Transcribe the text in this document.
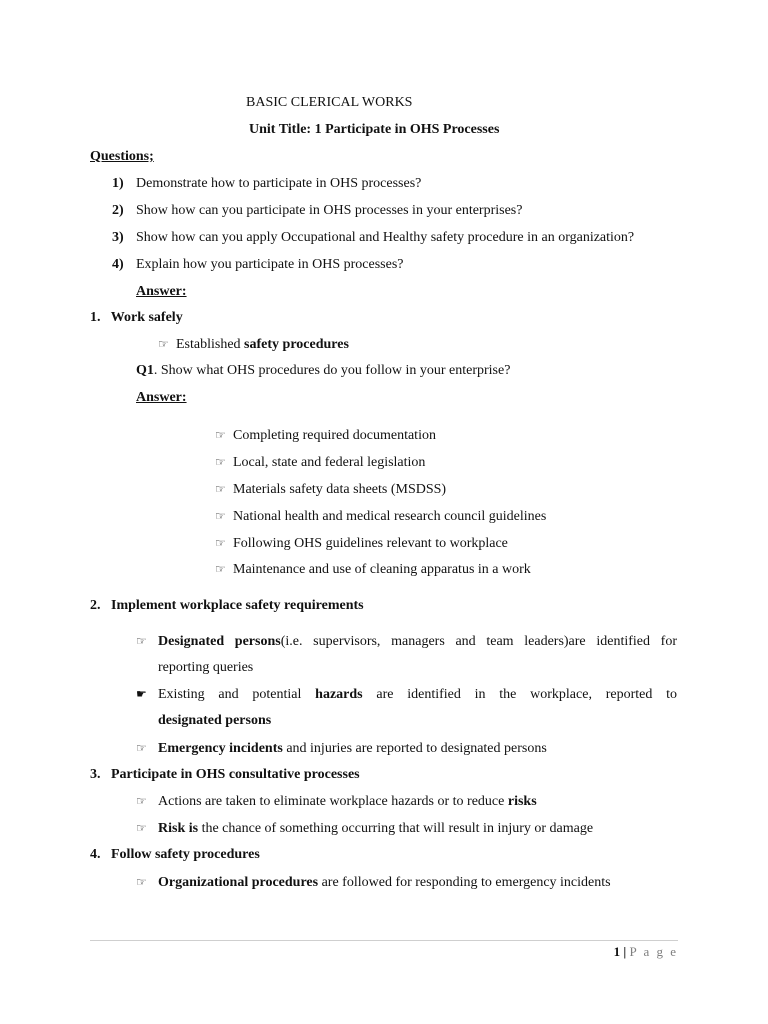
BASIC CLERICAL WORKS
Unit Title: 1 Participate in OHS Processes
Questions;
1) Demonstrate how to participate in OHS processes?
2) Show how can you participate in OHS processes in your enterprises?
3) Show how can you apply Occupational and Healthy safety procedure in an organization?
4) Explain how you participate in OHS processes?
Answer:
1.   Work safely
☞ Established safety procedures
Q1. Show what OHS procedures do you follow in your enterprise?
Answer:
☞ Completing required documentation
☞ Local, state and federal legislation
☞ Materials safety data sheets (MSDSS)
☞ National health and medical research council guidelines
☞ Following OHS guidelines relevant to workplace
☞ Maintenance and use of cleaning apparatus in a work
2.   Implement workplace safety requirements
☞ Designated persons(i.e. supervisors, managers and team leaders)are identified for
reporting queries
☛ Existing and potential hazards are identified in the workplace, reported to
designated persons
☞ Emergency incidents and injuries are reported to designated persons
3.   Participate in OHS consultative processes
☞ Actions are taken to eliminate workplace hazards or to reduce risks
☞ Risk is the chance of something occurring that will result in injury or damage
4.   Follow safety procedures
☞ Organizational procedures are followed for responding to emergency incidents
1 | P a g e
